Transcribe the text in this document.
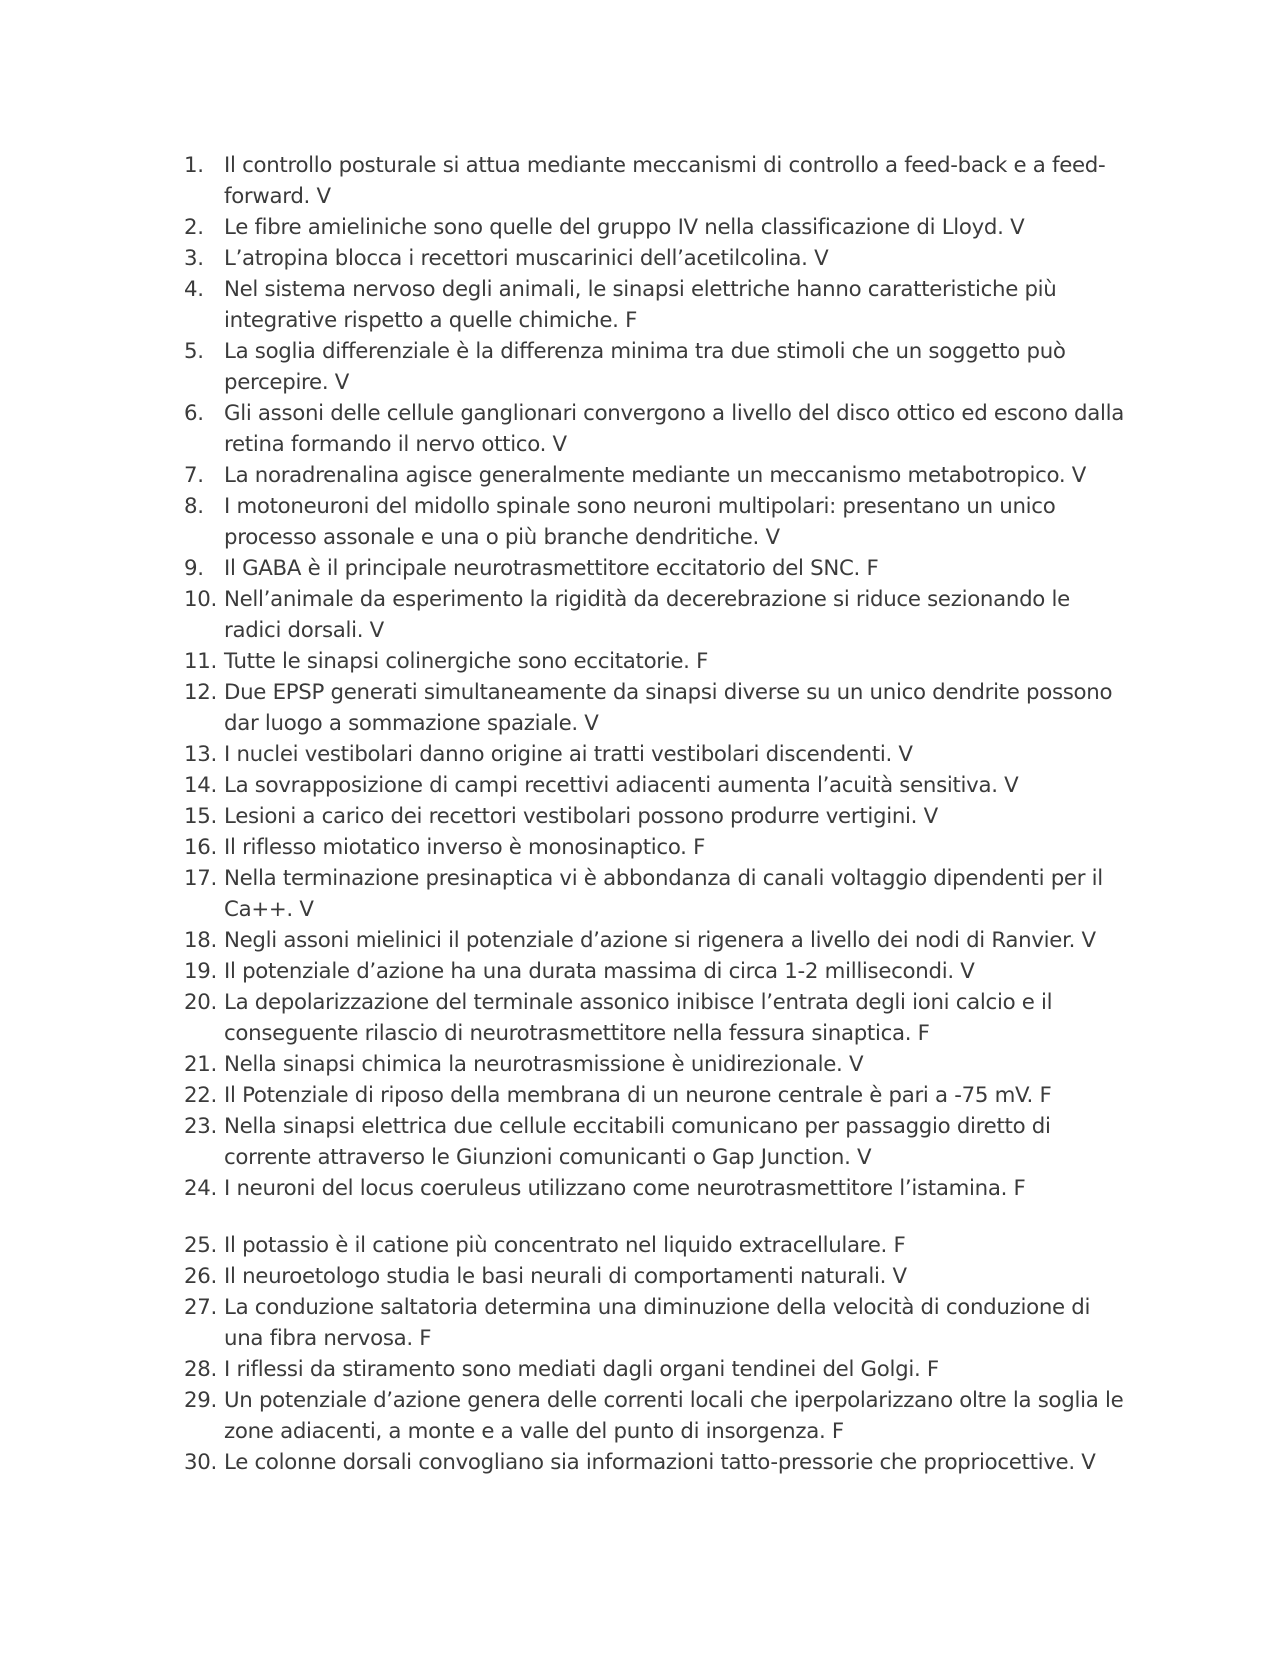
1. Il controllo posturale si attua mediante meccanismi di controllo a feed-back e a feed-forward. V
2. Le fibre amieliniche sono quelle del gruppo IV nella classificazione di Lloyd. V
3. L’atropina blocca i recettori muscarinici dell’acetilcolina. V
4. Nel sistema nervoso degli animali, le sinapsi elettriche hanno caratteristiche più integrative rispetto a quelle chimiche. F
5. La soglia differenziale è la differenza minima tra due stimoli che un soggetto può percepire. V
6. Gli assoni delle cellule ganglionari convergono a livello del disco ottico ed escono dalla retina formando il nervo ottico. V
7. La noradrenalina agisce generalmente mediante un meccanismo metabotropico. V
8. I motoneuroni del midollo spinale sono neuroni multipolari: presentano un unico processo assonale e una o più branche dendritiche. V
9. Il GABA è il principale neurotrasmettitore eccitatorio del SNC. F
10. Nell’animale da esperimento la rigidità da decerebrazione si riduce sezionando le radici dorsali. V
11. Tutte le sinapsi colinergiche sono eccitatorie. F
12. Due EPSP generati simultaneamente da sinapsi diverse su un unico dendrite possono dar luogo a sommazione spaziale. V
13. I nuclei vestibolari danno origine ai tratti vestibolari discendenti. V
14. La sovrapposizione di campi recettivi adiacenti aumenta l’acuità sensitiva. V
15. Lesioni a carico dei recettori vestibolari possono produrre vertigini. V
16. Il riflesso miotatico inverso è monosinaptico. F
17. Nella terminazione presinaptica vi è abbondanza di canali voltaggio dipendenti per il Ca++. V
18. Negli assoni mielinici il potenziale d’azione si rigenera a livello dei nodi di Ranvier. V
19. Il potenziale d’azione ha una durata massima di circa 1-2 millisecondi. V
20. La depolarizzazione del terminale assonico inibisce l’entrata degli ioni calcio e il conseguente rilascio di neurotrasmettitore nella fessura sinaptica. F
21. Nella sinapsi chimica la neurotrasmissione è unidirezionale. V
22. Il Potenziale di riposo della membrana di un neurone centrale è pari a -75 mV. F
23. Nella sinapsi elettrica due cellule eccitabili comunicano per passaggio diretto di corrente attraverso le Giunzioni comunicanti o Gap Junction. V
24. I neuroni del locus coeruleus utilizzano come neurotrasmettitore l’istamina. F
25. Il potassio è il catione più concentrato nel liquido extracellulare. F
26. Il neuroetologo studia le basi neurali di comportamenti naturali. V
27. La conduzione saltatoria determina una diminuzione della velocità di conduzione di una fibra nervosa. F
28. I riflessi da stiramento sono mediati dagli organi tendinei del Golgi. F
29. Un potenziale d’azione genera delle correnti locali che iperpolarizzano oltre la soglia le zone adiacenti, a monte e a valle del punto di insorgenza. F
30. Le colonne dorsali convogliano sia informazioni tatto-pressorie che propriocettive. V
